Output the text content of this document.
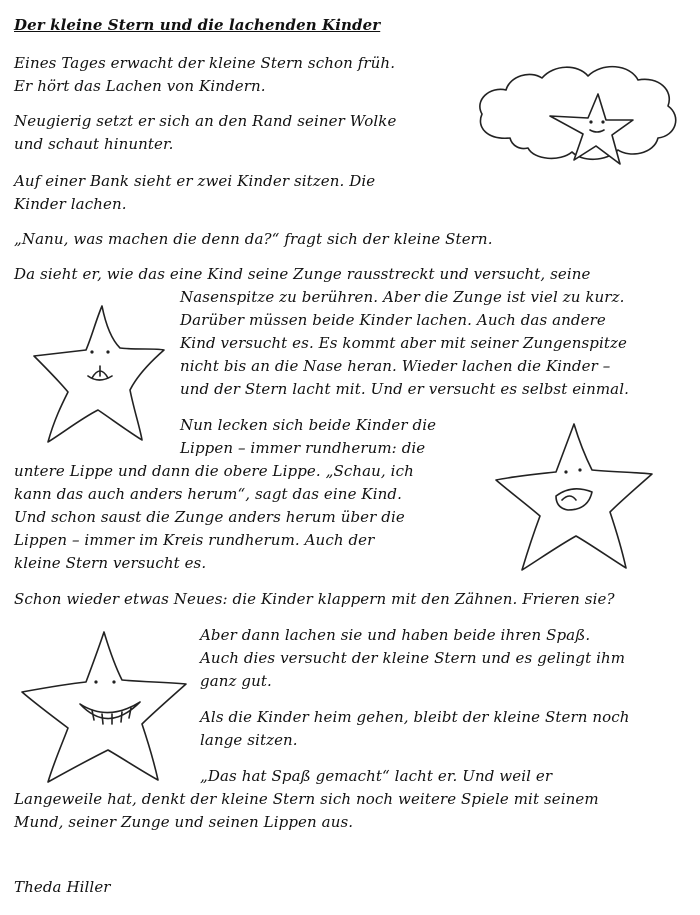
Der kleine Stern und die lachenden Kinder
Eines Tages erwacht der kleine Stern schon früh.
Er hört das Lachen von Kindern.
Neugierig setzt er sich an den Rand seiner Wolke
und schaut hinunter.
Auf einer Bank sieht er zwei Kinder sitzen. Die
Kinder lachen.
„Nanu, was machen die denn da?“ fragt sich der kleine Stern.
Da sieht er, wie das eine Kind seine Zunge rausstreckt und versucht, seine
Nasenspitze zu berühren. Aber die Zunge ist viel zu kurz.
Darüber müssen beide Kinder lachen. Auch das andere
Kind versucht es. Es kommt aber mit seiner Zungenspitze
nicht bis an die Nase heran. Wieder lachen die Kinder –
und der Stern lacht mit. Und er versucht es selbst einmal.
Nun lecken sich beide Kinder die
Lippen – immer rundherum: die
untere Lippe und dann die obere Lippe. „Schau, ich
kann das auch anders herum“, sagt das eine Kind.
Und schon saust die Zunge anders herum über die
Lippen – immer im Kreis rundherum. Auch der
kleine Stern versucht es.
Schon wieder etwas Neues: die Kinder klappern mit den Zähnen. Frieren sie?
Aber dann lachen sie und haben beide ihren Spaß.
Auch dies versucht der kleine Stern und es gelingt ihm
ganz gut.
Als die Kinder heim gehen, bleibt der kleine Stern noch
lange sitzen.
„Das hat Spaß gemacht“ lacht er. Und weil er
Langeweile hat, denkt der kleine Stern sich noch weitere Spiele mit seinem
Mund, seiner Zunge und seinen Lippen aus.
Theda Hiller
